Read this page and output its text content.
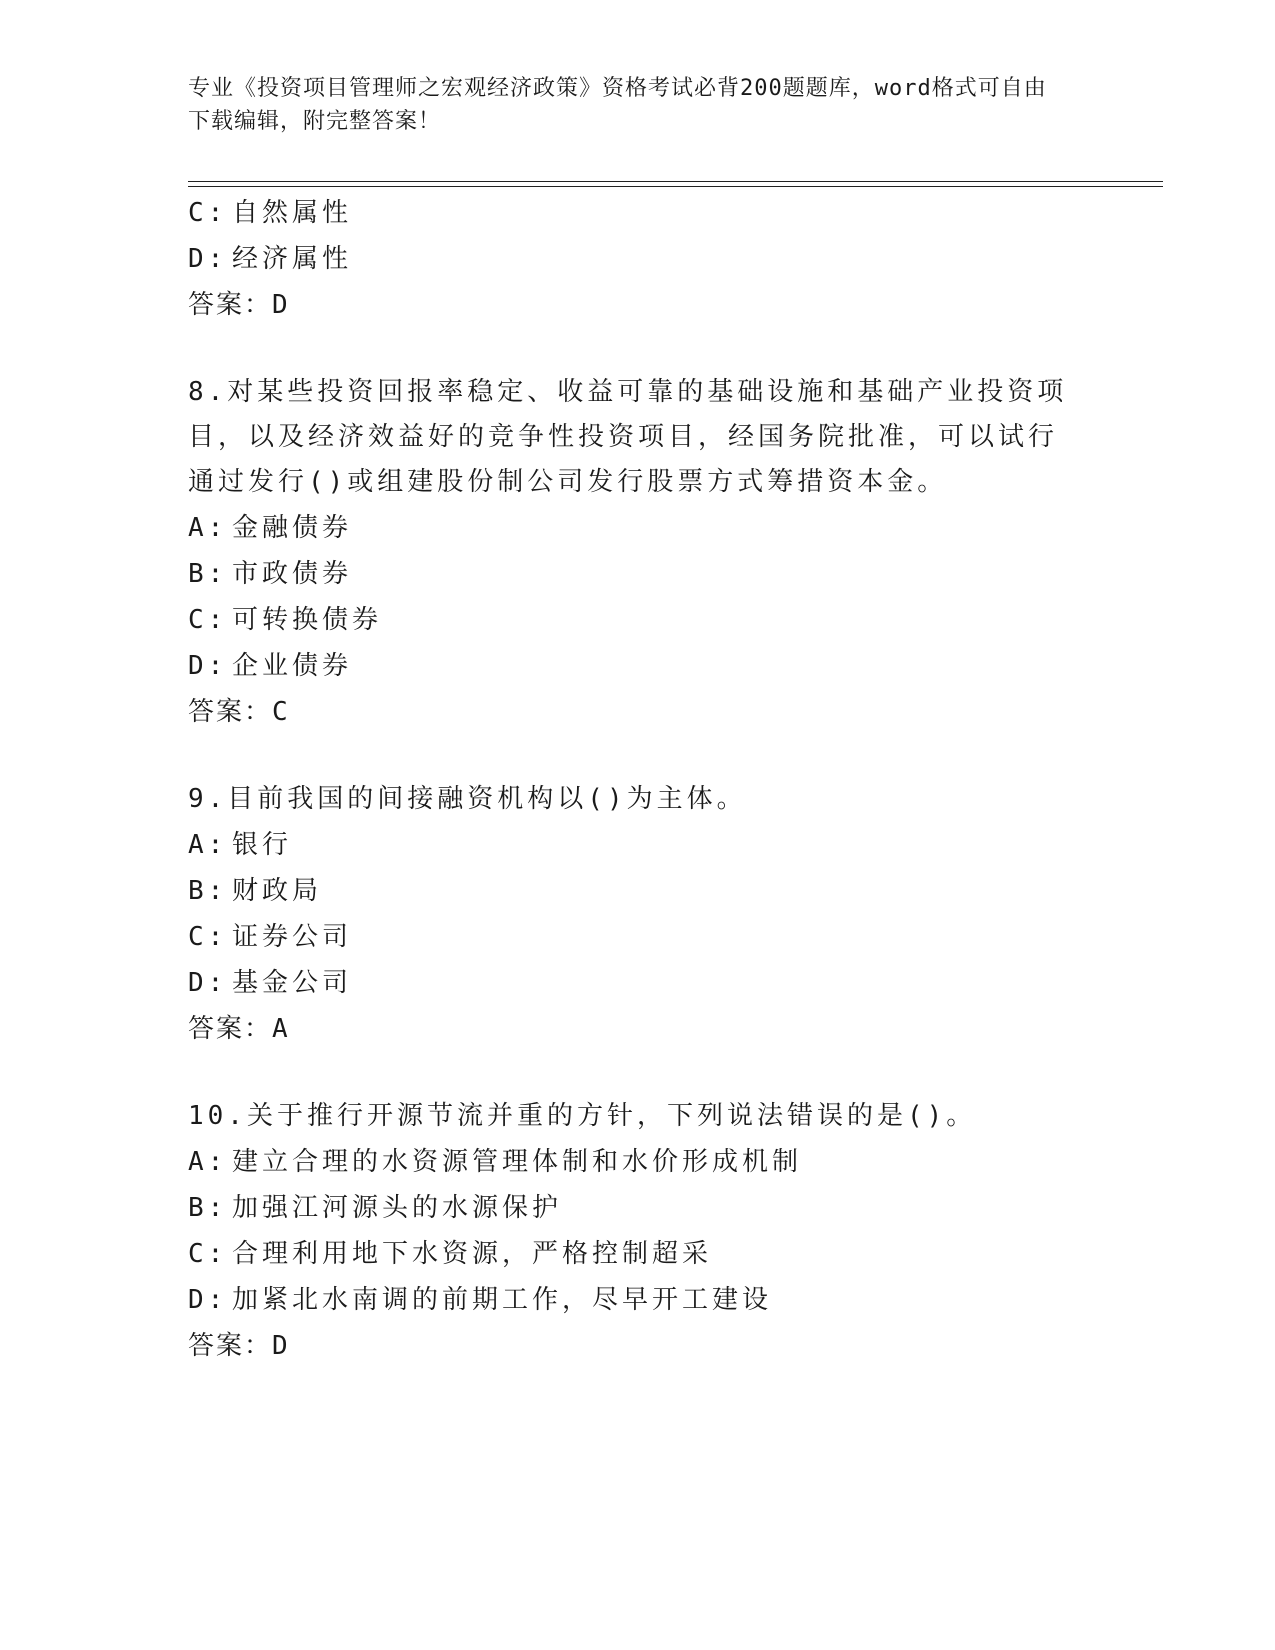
专业《投资项目管理师之宏观经济政策》资格考试必背200题题库，word格式可自由下载编辑，附完整答案！
C: 自然属性
D: 经济属性
答案：D
8.对某些投资回报率稳定、收益可靠的基础设施和基础产业投资项目，以及经济效益好的竞争性投资项目，经国务院批准，可以试行通过发行()或组建股份制公司发行股票方式筹措资本金。
A: 金融债券
B: 市政债券
C: 可转换债券
D: 企业债券
答案：C
9.目前我国的间接融资机构以()为主体。
A: 银行
B: 财政局
C: 证券公司
D: 基金公司
答案：A
10.关于推行开源节流并重的方针，下列说法错误的是()。
A: 建立合理的水资源管理体制和水价形成机制
B: 加强江河源头的水源保护
C: 合理利用地下水资源，严格控制超采
D: 加紧北水南调的前期工作，尽早开工建设
答案：D
